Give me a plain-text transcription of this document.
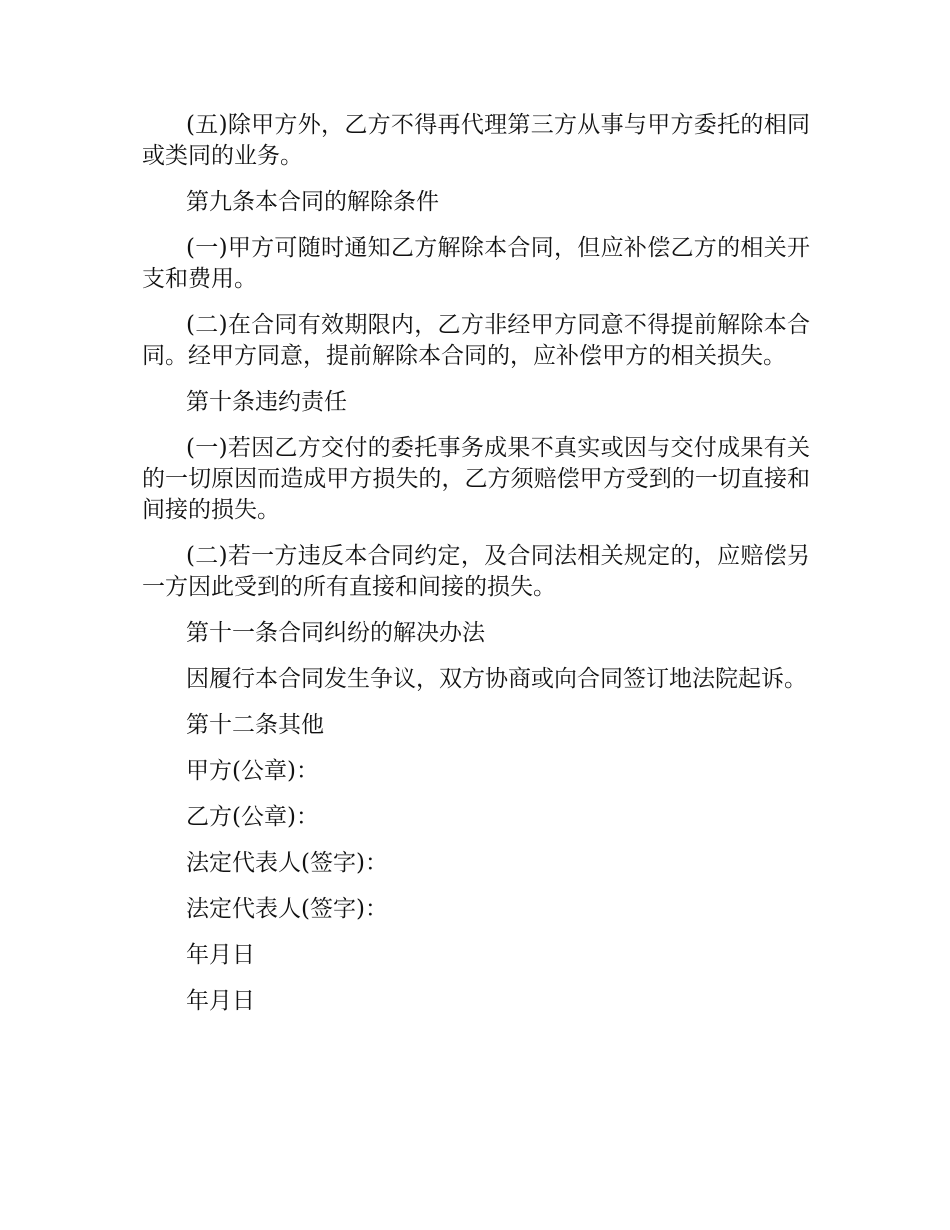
(五)除甲方外，乙方不得再代理第三方从事与甲方委托的相同或类同的业务。

第九条本合同的解除条件

(一)甲方可随时通知乙方解除本合同，但应补偿乙方的相关开支和费用。

(二)在合同有效期限内，乙方非经甲方同意不得提前解除本合同。经甲方同意，提前解除本合同的，应补偿甲方的相关损失。

第十条违约责任

(一)若因乙方交付的委托事务成果不真实或因与交付成果有关的一切原因而造成甲方损失的，乙方须赔偿甲方受到的一切直接和间接的损失。

(二)若一方违反本合同约定，及合同法相关规定的，应赔偿另一方因此受到的所有直接和间接的损失。

第十一条合同纠纷的解决办法

因履行本合同发生争议，双方协商或向合同签订地法院起诉。

第十二条其他

甲方(公章)：

乙方(公章)：

法定代表人(签字)：

法定代表人(签字)：

年月日

年月日
